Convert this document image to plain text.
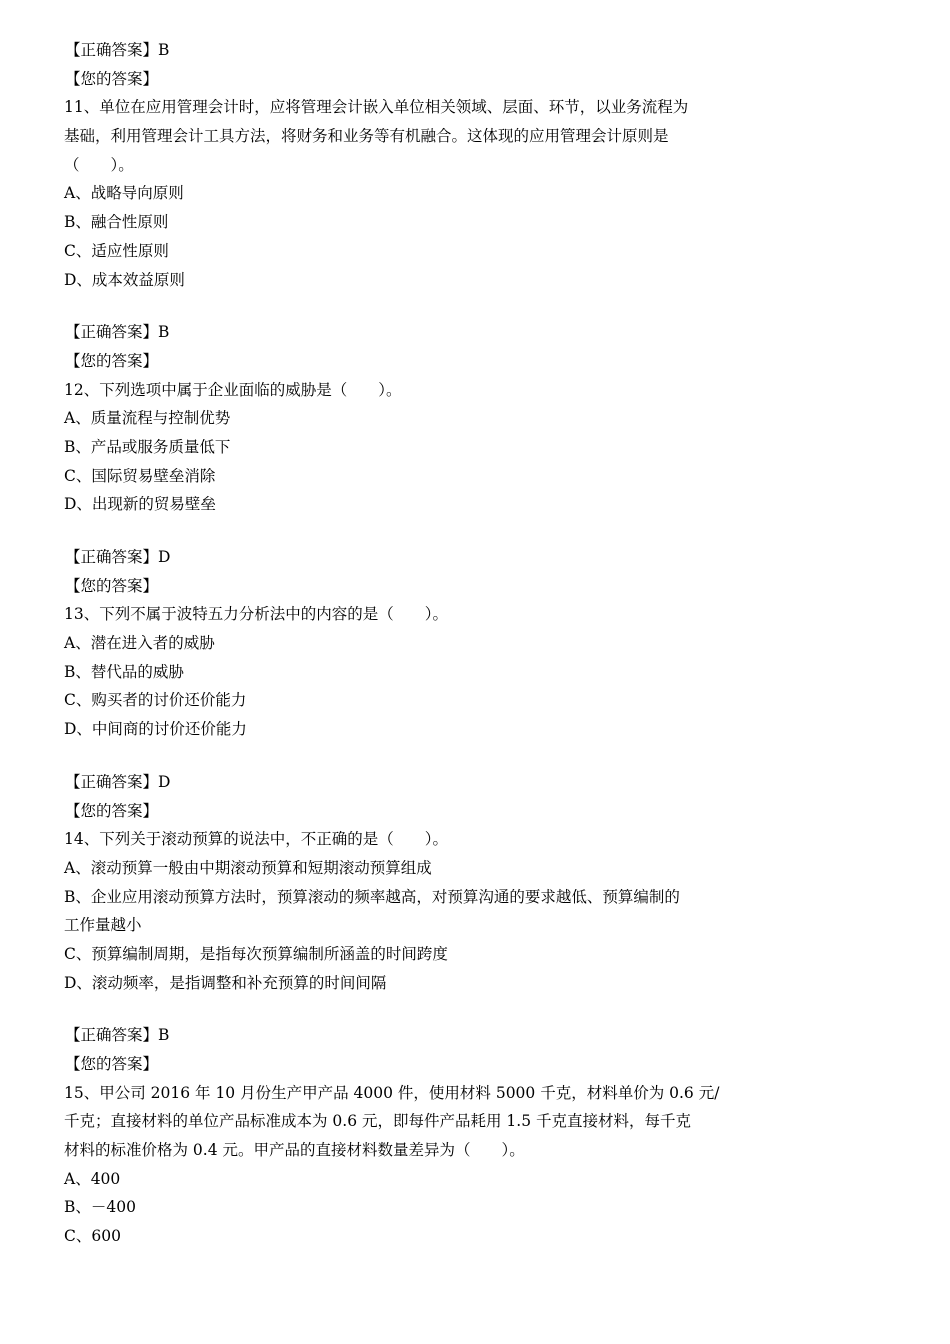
【正确答案】B
【您的答案】
11、单位在应用管理会计时，应将管理会计嵌入单位相关领域、层面、环节，以业务流程为
基础，利用管理会计工具方法，将财务和业务等有机融合。这体现的应用管理会计原则是
（　　）。
A、战略导向原则
B、融合性原则
C、适应性原则
D、成本效益原则
【正确答案】B
【您的答案】
12、下列选项中属于企业面临的威胁是（　　）。
A、质量流程与控制优势
B、产品或服务质量低下
C、国际贸易壁垒消除
D、出现新的贸易壁垒
【正确答案】D
【您的答案】
13、下列不属于波特五力分析法中的内容的是（　　）。
A、潜在进入者的威胁
B、替代品的威胁
C、购买者的讨价还价能力
D、中间商的讨价还价能力
【正确答案】D
【您的答案】
14、下列关于滚动预算的说法中，不正确的是（　　）。
A、滚动预算一般由中期滚动预算和短期滚动预算组成
B、企业应用滚动预算方法时，预算滚动的频率越高，对预算沟通的要求越低、预算编制的
工作量越小
C、预算编制周期，是指每次预算编制所涵盖的时间跨度
D、滚动频率，是指调整和补充预算的时间间隔
【正确答案】B
【您的答案】
15、甲公司 2016 年 10 月份生产甲产品 4000 件，使用材料 5000 千克，材料单价为 0.6 元/
千克；直接材料的单位产品标准成本为 0.6 元，即每件产品耗用 1.5 千克直接材料，每千克
材料的标准价格为 0.4 元。甲产品的直接材料数量差异为（　　）。
A、400
B、－400
C、600
